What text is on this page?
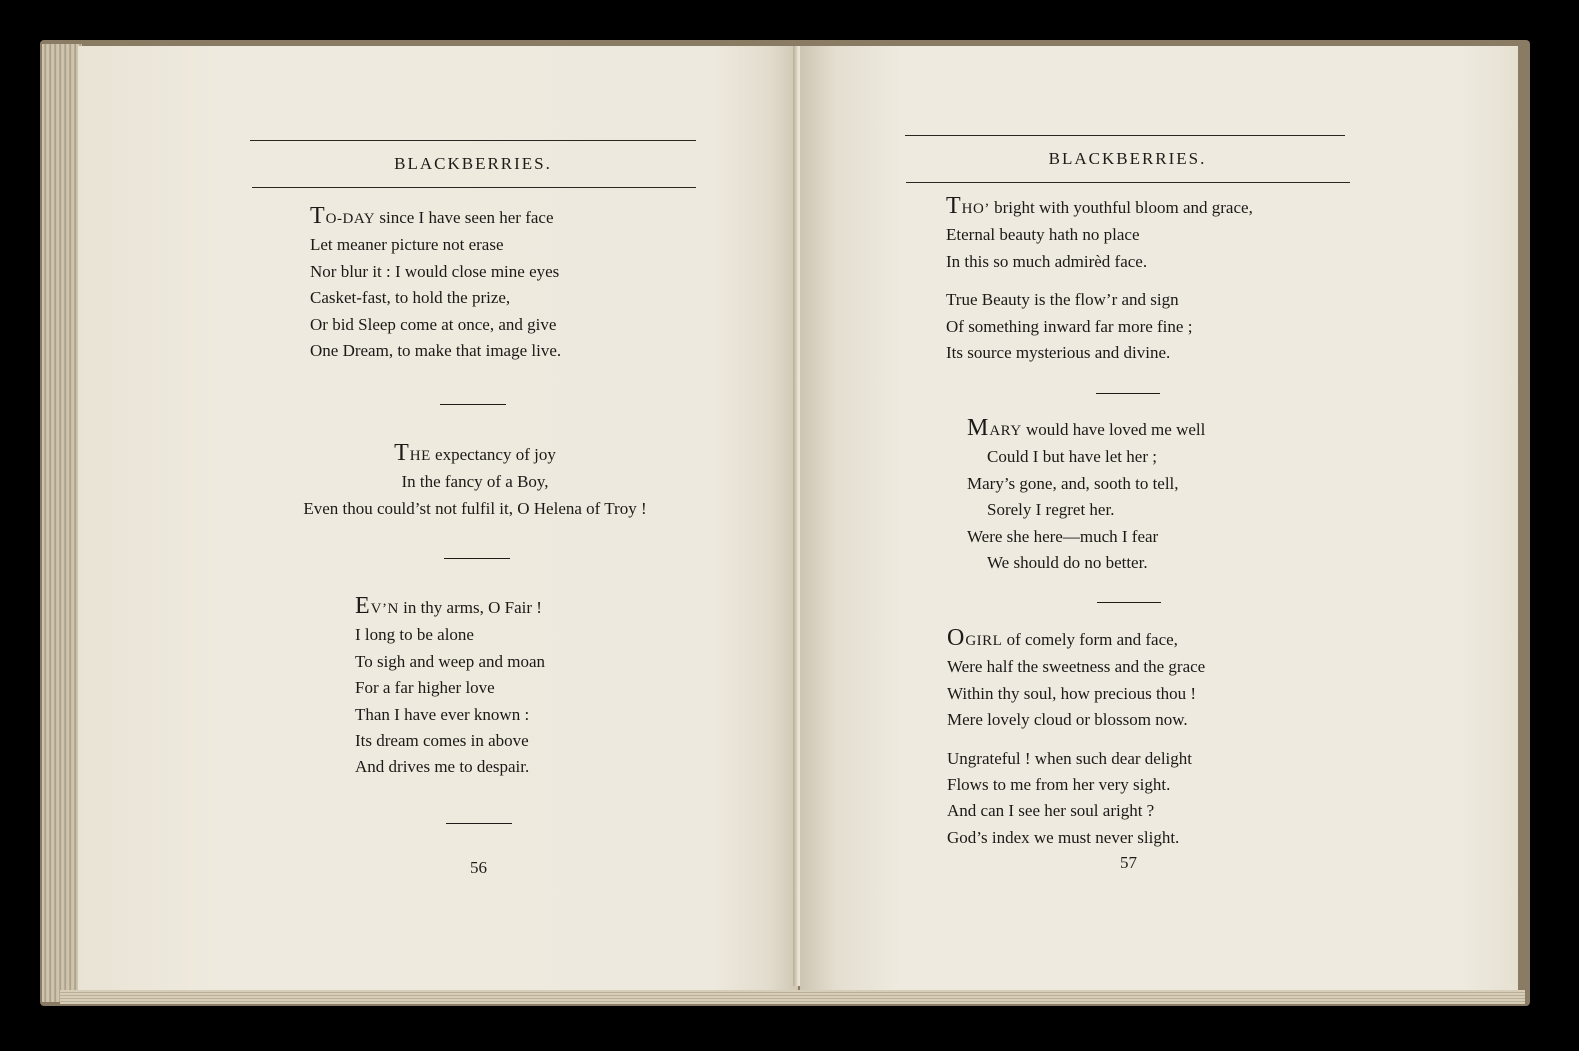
BLACKBERRIES.
TO-DAY since I have seen her face
Let meaner picture not erase
Nor blur it : I would close mine eyes
Casket-fast, to hold the prize,
Or bid Sleep come at once, and give
One Dream, to make that image live.
THE expectancy of joy
In the fancy of a Boy,
Even thou could’st not fulfil it, O Helena of Troy !
EV’N in thy arms, O Fair !
I long to be alone
To sigh and weep and moan
For a far higher love
Than I have ever known :
Its dream comes in above
And drives me to despair.
56
BLACKBERRIES.
THO’ bright with youthful bloom and grace,
Eternal beauty hath no place
In this so much admirèd face.
True Beauty is the flow’r and sign
Of something inward far more fine ;
Its source mysterious and divine.
MARY would have loved me well
Could I but have let her ;
Mary’s gone, and, sooth to tell,
Sorely I regret her.
Were she here—much I fear
We should do no better.
OGIRL of comely form and face,
Were half the sweetness and the grace
Within thy soul, how precious thou !
Mere lovely cloud or blossom now.
Ungrateful ! when such dear delight
Flows to me from her very sight.
And can I see her soul aright ?
God’s index we must never slight.
57
